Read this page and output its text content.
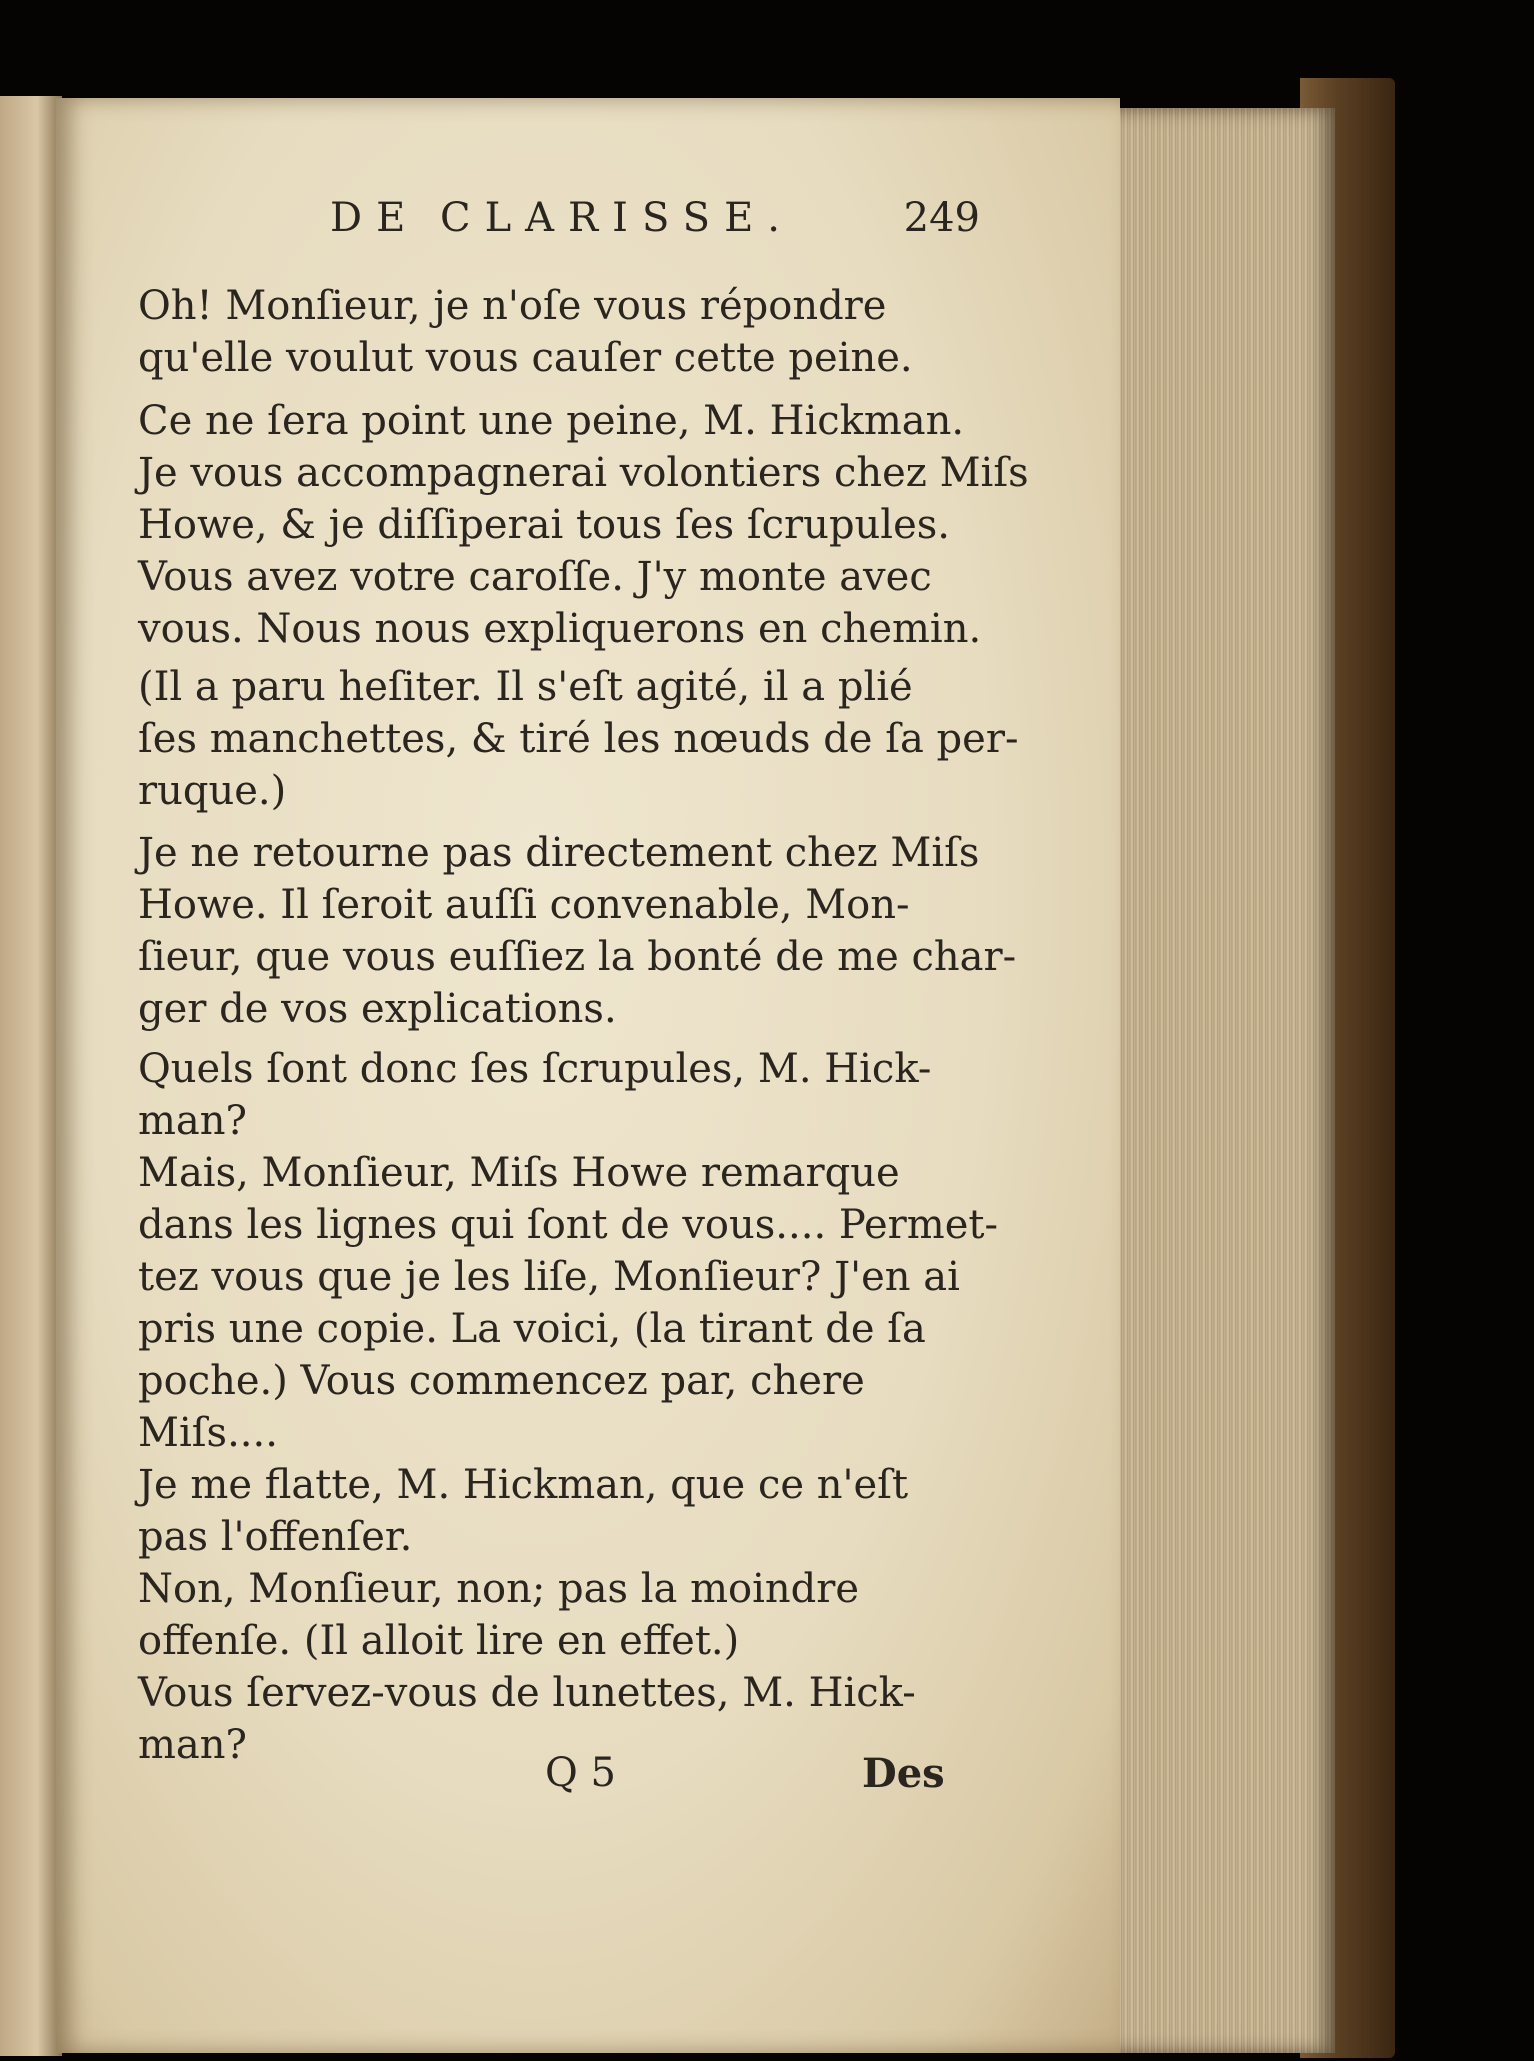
DE CLARISSE.	249
Oh! Monſieur, je n'oſe vous répondre
qu'elle voulut vous cauſer cette peine.
Ce ne ſera point une peine, M. Hickman.
Je vous accompagnerai volontiers chez Miſs
Howe, & je diſſiperai tous ſes ſcrupules.
Vous avez votre caroſſe. J'y monte avec
vous. Nous nous expliquerons en chemin.
(Il a paru heſiter. Il s'eſt agité, il a plié
ſes manchettes, & tiré les nœuds de ſa per-
ruque.)
Je ne retourne pas directement chez Miſs
Howe. Il ſeroit auſſi convenable, Mon-
ſieur, que vous euſſiez la bonté de me char-
ger de vos explications.
Quels ſont donc ſes ſcrupules, M. Hick-
man?
Mais, Monſieur, Miſs Howe remarque
dans les lignes qui ſont de vous.... Permet-
tez vous que je les liſe, Monſieur? J'en ai
pris une copie. La voici, (la tirant de ſa
poche.) Vous commencez par, chere
Miſs....
Je me flatte, M. Hickman, que ce n'eſt
pas l'offenſer.
Non, Monſieur, non; pas la moindre
offenſe. (Il alloit lire en effet.)
Vous ſervez-vous de lunettes, M. Hick-
man?
Q 5	Des
